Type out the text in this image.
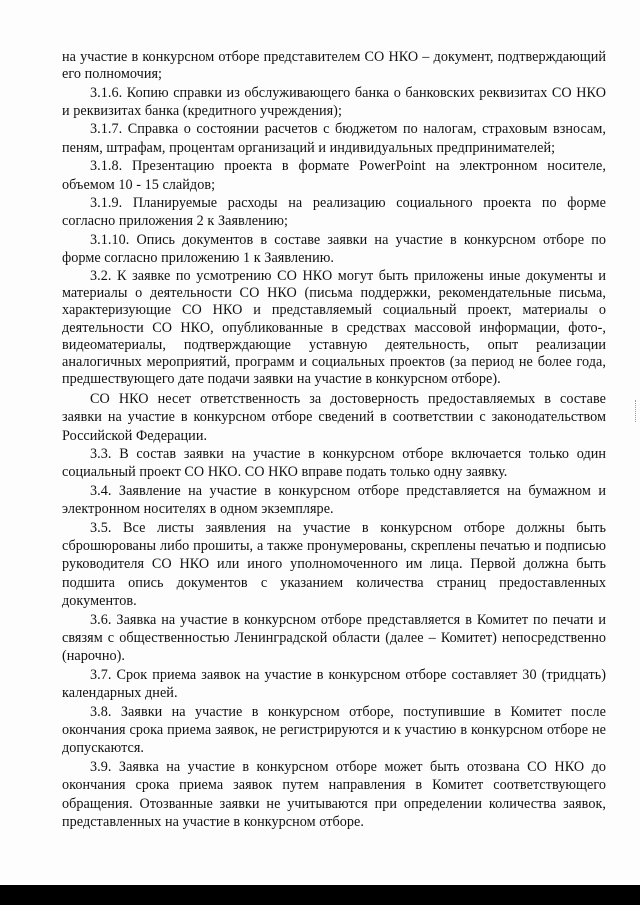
на участие в конкурсном отборе представителем СО НКО – документ, подтверждающий его полномочия;

3.1.6. Копию справки из обслуживающего банка о банковских реквизитах СО НКО и реквизитах банка (кредитного учреждения);

3.1.7. Справка о состоянии расчетов с бюджетом по налогам, страховым взносам, пеням, штрафам, процентам организаций и индивидуальных предпринимателей;

3.1.8. Презентацию проекта в формате PowerPoint на электронном носителе, объемом 10 - 15 слайдов;

3.1.9. Планируемые расходы на реализацию социального проекта по форме согласно приложения 2 к Заявлению;

3.1.10. Опись документов в составе заявки на участие в конкурсном отборе по форме согласно приложению 1 к Заявлению.

3.2. К заявке по усмотрению СО НКО могут быть приложены иные документы и материалы о деятельности СО НКО (письма поддержки, рекомендательные письма, характеризующие СО НКО и представляемый социальный проект, материалы о деятельности СО НКО, опубликованные в средствах массовой информации, фото-, видеоматериалы, подтверждающие уставную деятельность, опыт реализации аналогичных мероприятий, программ и социальных проектов (за период не более года, предшествующего дате подачи заявки на участие в конкурсном отборе).

СО НКО несет ответственность за достоверность предоставляемых в составе заявки на участие в конкурсном отборе сведений в соответствии с законодательством Российской Федерации.

3.3. В состав заявки на участие в конкурсном отборе включается только один социальный проект СО НКО. СО НКО вправе подать только одну заявку.

3.4. Заявление на участие в конкурсном отборе представляется на бумажном и электронном носителях в одном экземпляре.

3.5. Все листы заявления на участие в конкурсном отборе должны быть сброшюрованы либо прошиты, а также пронумерованы, скреплены печатью и подписью руководителя СО НКО или иного уполномоченного им лица. Первой должна быть подшита опись документов с указанием количества страниц предоставленных документов.

3.6. Заявка на участие в конкурсном отборе представляется в Комитет по печати и связям с общественностью Ленинградской области (далее – Комитет) непосредственно (нарочно).

3.7. Срок приема заявок на участие в конкурсном отборе составляет 30 (тридцать) календарных дней.

3.8. Заявки на участие в конкурсном отборе, поступившие в Комитет после окончания срока приема заявок, не регистрируются и к участию в конкурсном отборе не допускаются.

3.9. Заявка на участие в конкурсном отборе может быть отозвана СО НКО до окончания срока приема заявок путем направления в Комитет соответствующего обращения. Отозванные заявки не учитываются при определении количества заявок, представленных на участие в конкурсном отборе.
